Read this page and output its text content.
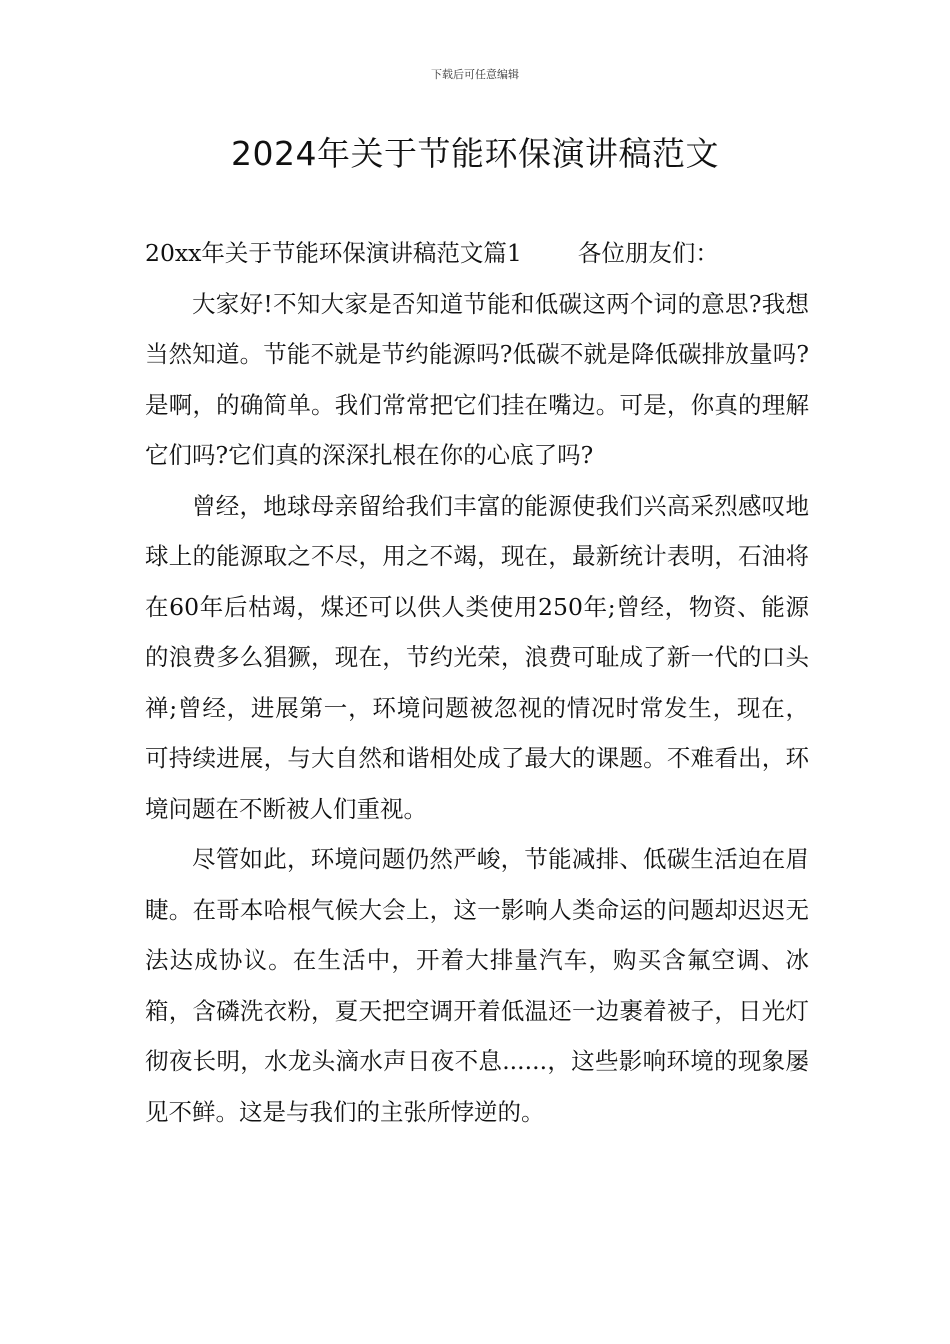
下载后可任意编辑
2024年关于节能环保演讲稿范文

20xx年关于节能环保演讲稿范文篇1 各位朋友们：

大家好!不知大家是否知道节能和低碳这两个词的意思?我想当然知道。节能不就是节约能源吗?低碳不就是降低碳排放量吗?是啊，的确简单。我们常常把它们挂在嘴边。可是，你真的理解它们吗?它们真的深深扎根在你的心底了吗?

曾经，地球母亲留给我们丰富的能源使我们兴高采烈感叹地球上的能源取之不尽，用之不竭，现在，最新统计表明，石油将在60年后枯竭，煤还可以供人类使用250年;曾经，物资、能源的浪费多么猖獗，现在，节约光荣，浪费可耻成了新一代的口头禅;曾经，进展第一，环境问题被忽视的情况时常发生，现在，可持续进展，与大自然和谐相处成了最大的课题。不难看出，环境问题在不断被人们重视。

尽管如此，环境问题仍然严峻，节能减排、低碳生活迫在眉睫。在哥本哈根气候大会上，这一影响人类命运的问题却迟迟无法达成协议。在生活中，开着大排量汽车，购买含氟空调、冰箱，含磷洗衣粉，夏天把空调开着低温还一边裹着被子，日光灯彻夜长明，水龙头滴水声日夜不息......，这些影响环境的现象屡见不鲜。这是与我们的主张所悖逆的。
